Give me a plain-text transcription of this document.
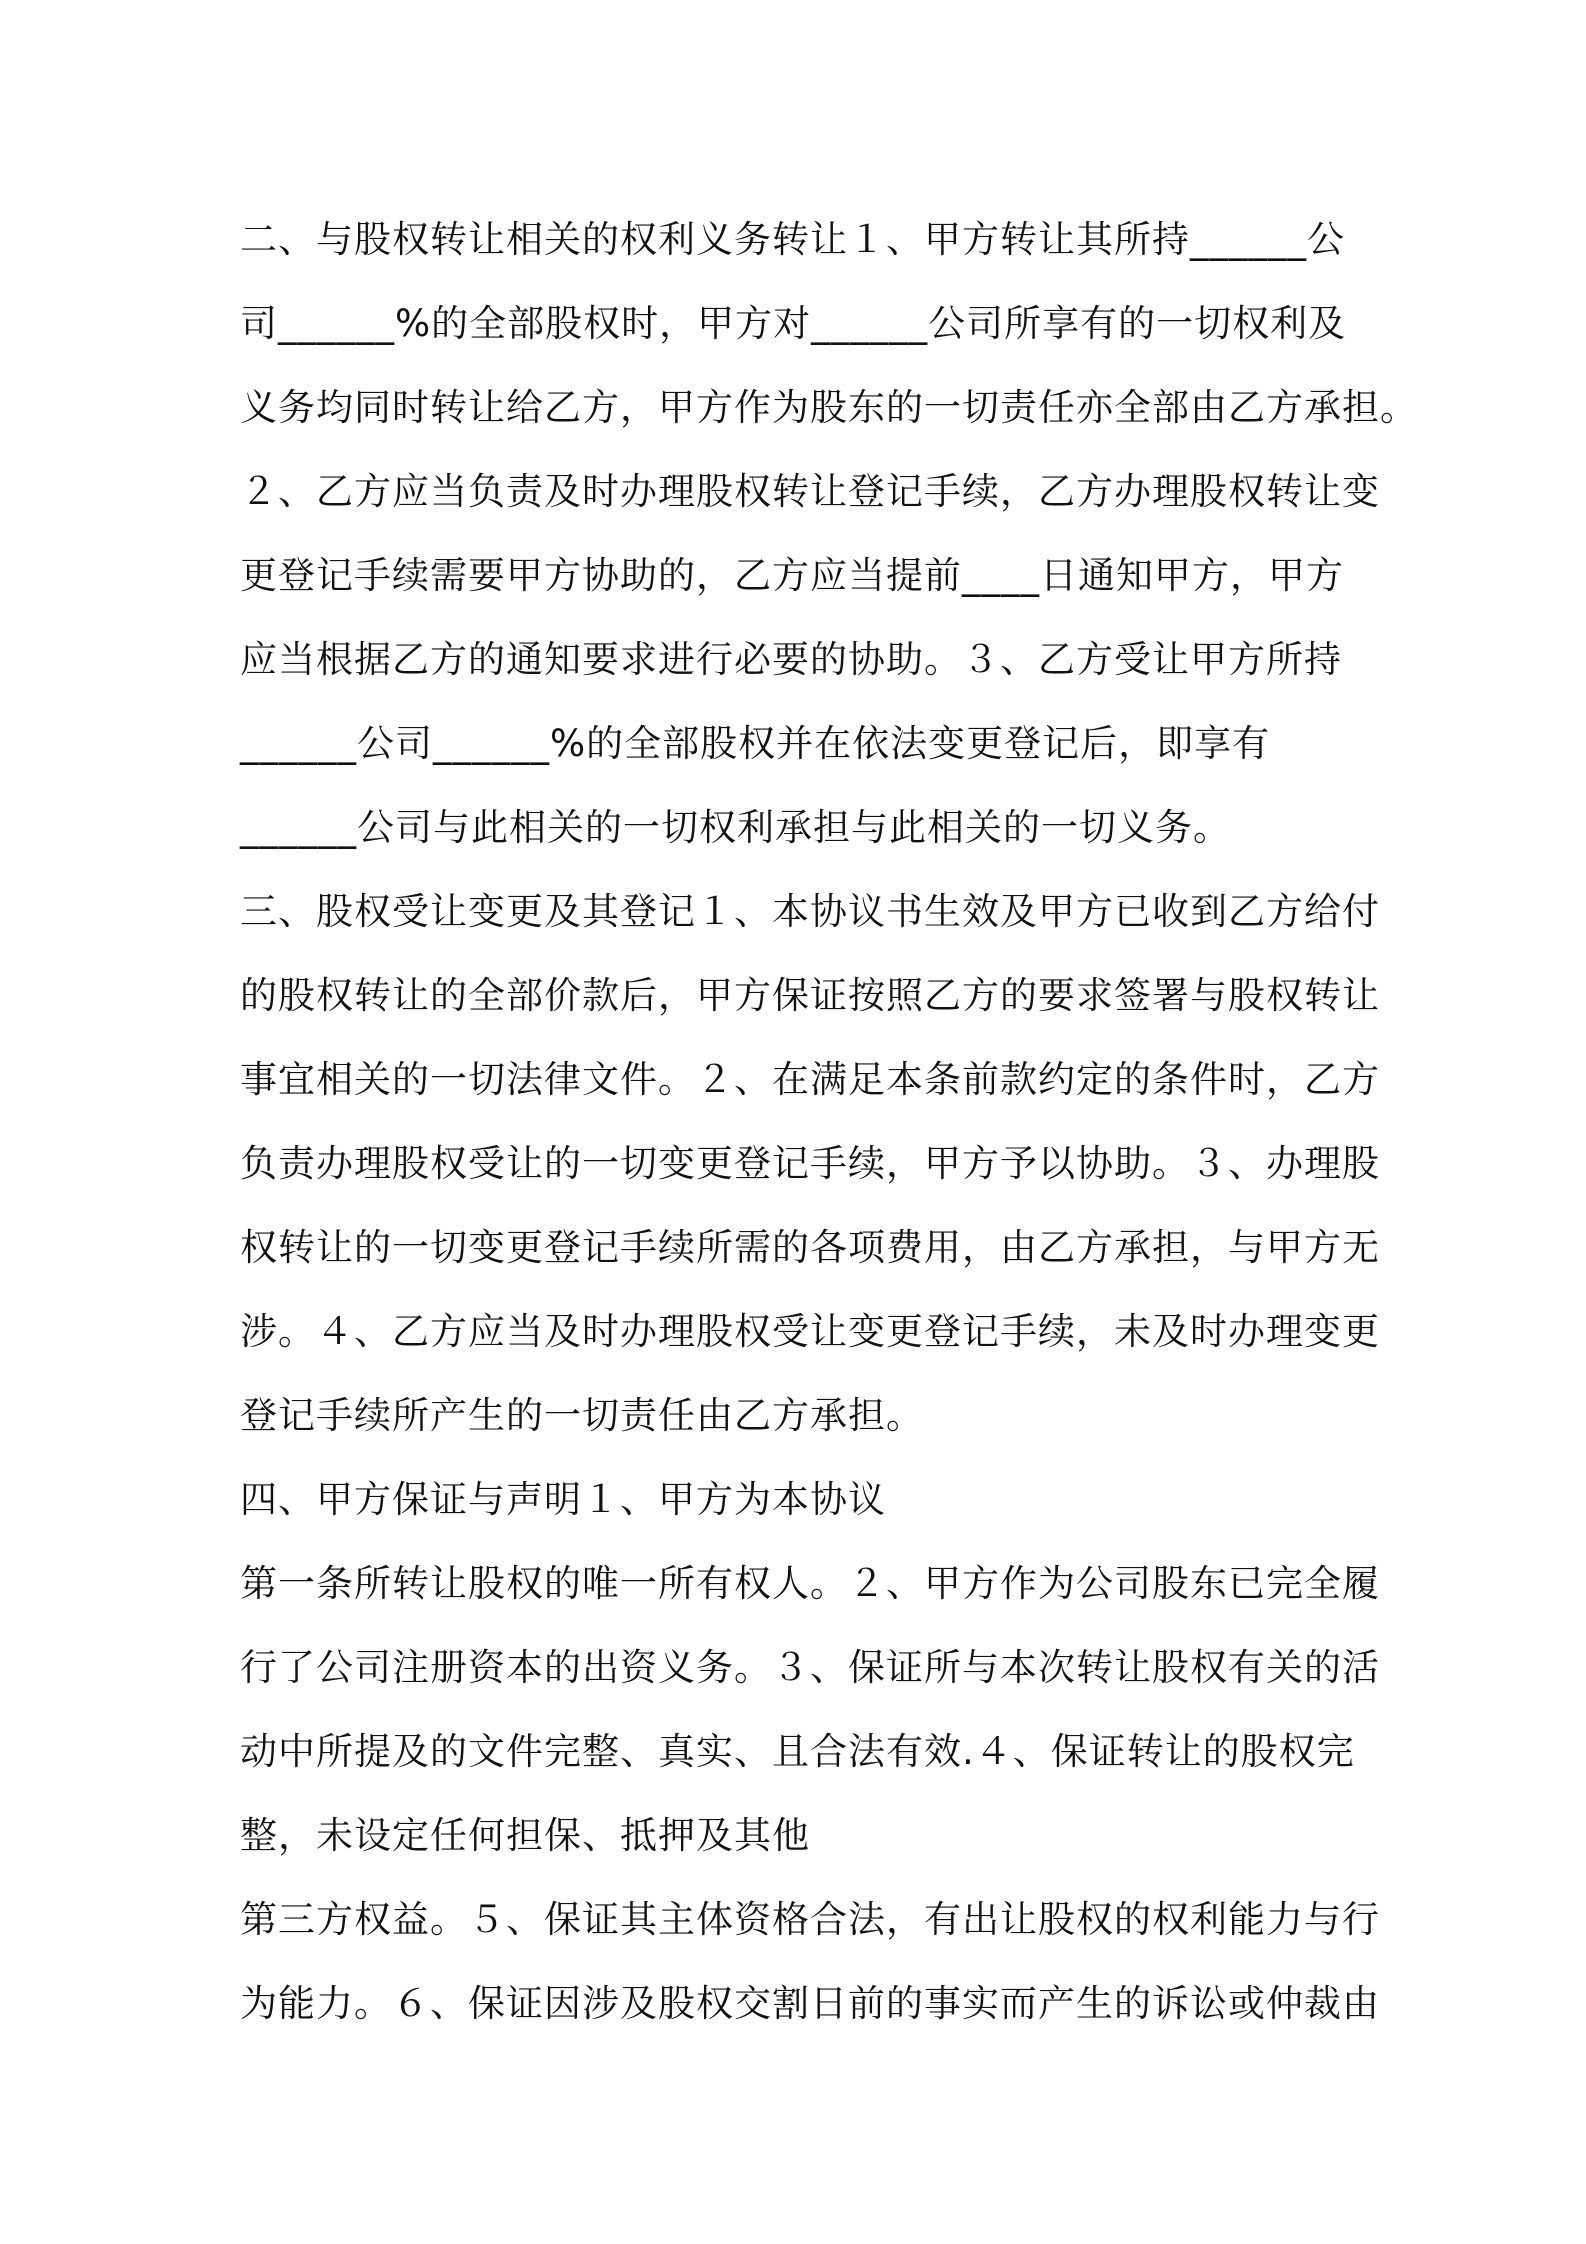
二、与股权转让相关的权利义务转让１、甲方转让其所持______公
司______%的全部股权时，甲方对______公司所享有的一切权利及
义务均同时转让给乙方，甲方作为股东的一切责任亦全部由乙方承担。
２、乙方应当负责及时办理股权转让登记手续，乙方办理股权转让变
更登记手续需要甲方协助的，乙方应当提前____日通知甲方，甲方
应当根据乙方的通知要求进行必要的协助。３、乙方受让甲方所持
______公司______%的全部股权并在依法变更登记后，即享有
______公司与此相关的一切权利承担与此相关的一切义务。
三、股权受让变更及其登记１、本协议书生效及甲方已收到乙方给付
的股权转让的全部价款后，甲方保证按照乙方的要求签署与股权转让
事宜相关的一切法律文件。２、在满足本条前款约定的条件时，乙方
负责办理股权受让的一切变更登记手续，甲方予以协助。３、办理股
权转让的一切变更登记手续所需的各项费用，由乙方承担，与甲方无
涉。４、乙方应当及时办理股权受让变更登记手续，未及时办理变更
登记手续所产生的一切责任由乙方承担。
四、甲方保证与声明１、甲方为本协议
第一条所转让股权的唯一所有权人。２、甲方作为公司股东已完全履
行了公司注册资本的出资义务。３、保证所与本次转让股权有关的活
动中所提及的文件完整、真实、且合法有效.４、保证转让的股权完
整，未设定任何担保、抵押及其他
第三方权益。５、保证其主体资格合法，有出让股权的权利能力与行
为能力。６、保证因涉及股权交割日前的事实而产生的诉讼或仲裁由
